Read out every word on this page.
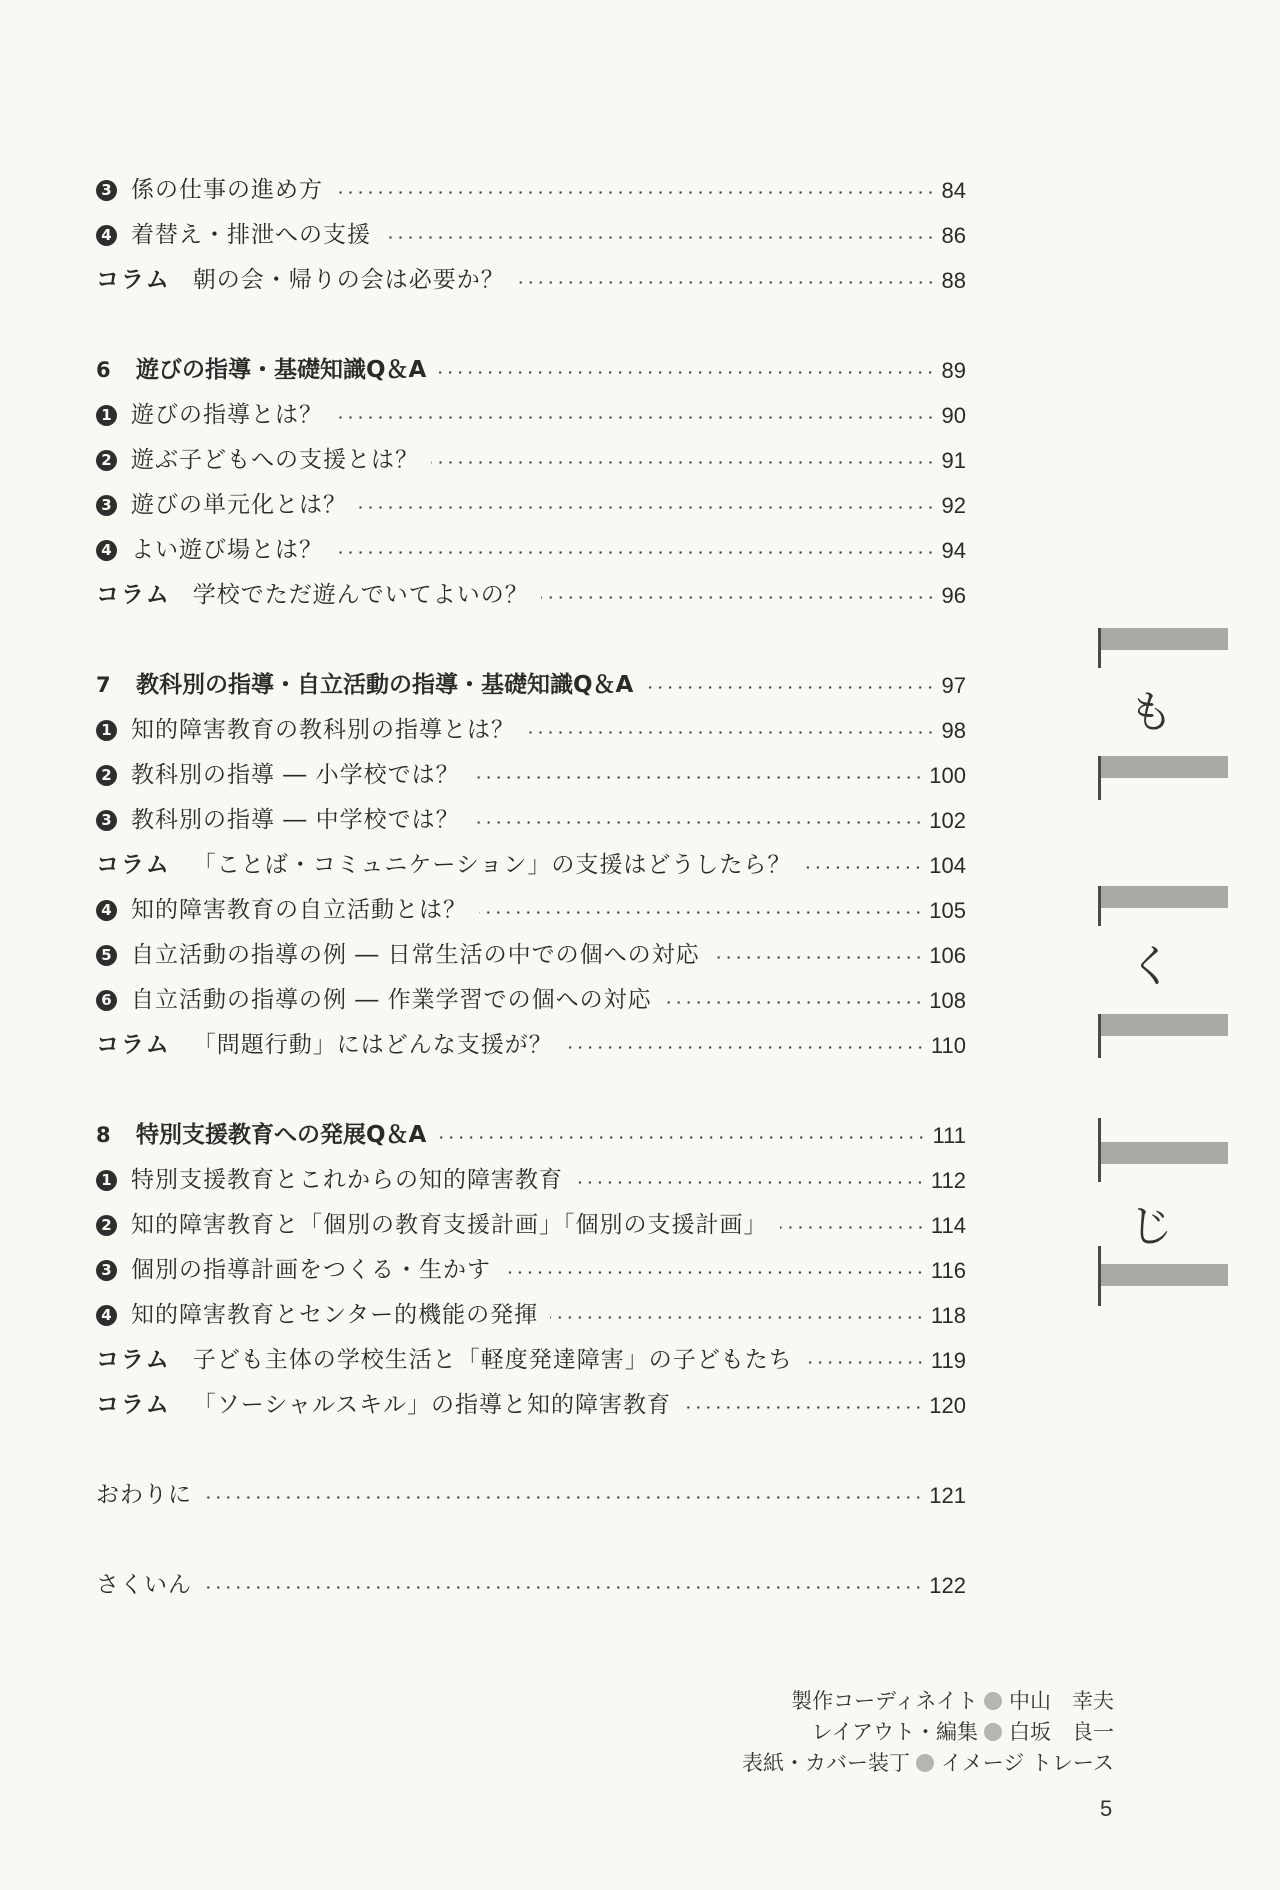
3 係の仕事の進め方	84
4 着替え・排泄への支援	86
コラム 朝の会・帰りの会は必要か？	88
6	遊びの指導・基礎知識Q＆A	89
1 遊びの指導とは？	90
2 遊ぶ子どもへの支援とは？	91
3 遊びの単元化とは？	92
4 よい遊び場とは？	94
コラム 学校でただ遊んでいてよいの？	96
7	教科別の指導・自立活動の指導・基礎知識Q＆A	97
1 知的障害教育の教科別の指導とは？	98
2 教科別の指導 ― 小学校では？	100
3 教科別の指導 ― 中学校では？	102
コラム 「ことば・コミュニケーション」の支援はどうしたら？	104
4 知的障害教育の自立活動とは？	105
5 自立活動の指導の例 ― 日常生活の中での個への対応	106
6 自立活動の指導の例 ― 作業学習での個への対応	108
コラム 「問題行動」にはどんな支援が？	110
8	特別支援教育への発展Q＆A	111
1 特別支援教育とこれからの知的障害教育	112
2 知的障害教育と「個別の教育支援計画」「個別の支援計画」	114
3 個別の指導計画をつくる・生かす	116
4 知的障害教育とセンター的機能の発揮	118
コラム 子ども主体の学校生活と「軽度発達障害」の子どもたち	119
コラム 「ソーシャルスキル」の指導と知的障害教育	120
おわりに	121
さくいん	122
も
く
じ
製作コーディネイト 中山　幸夫
レイアウト・編集 白坂　良一
表紙・カバー装丁 イメージ トレース
5
